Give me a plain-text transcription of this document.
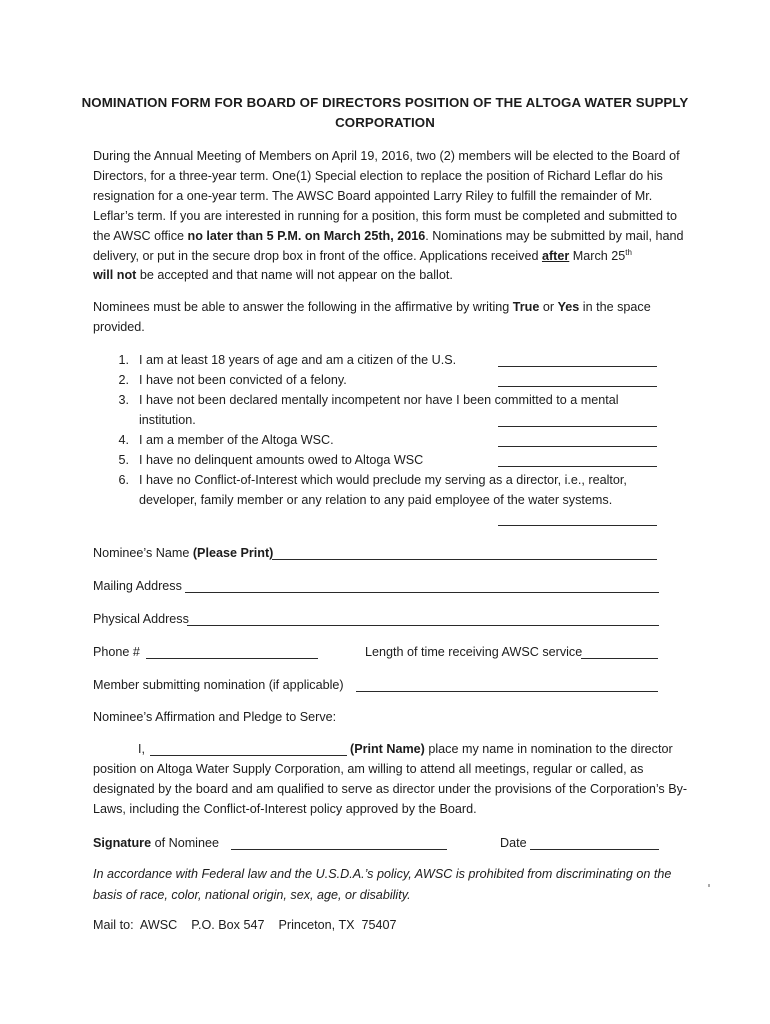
NOMINATION FORM FOR BOARD OF DIRECTORS POSITION OF THE ALTOGA WATER SUPPLY
CORPORATION

During the Annual Meeting of Members on April 19, 2016, two (2) members will be elected to the Board of Directors, for a three-year term. One(1) Special election to replace the position of Richard Leflar do his resignation for a one-year term. The AWSC Board appointed Larry Riley to fulfill the remainder of Mr. Leflar’s term. If you are interested in running for a position, this form must be completed and submitted to the AWSC office no later than 5 P.M. on March 25th, 2016. Nominations may be submitted by mail, hand delivery, or put in the secure drop box in front of the office. Applications received after March 25th
will not be accepted and that name will not appear on the ballot.

Nominees must be able to answer the following in the affirmative by writing True or Yes in the space provided.

1. I am at least 18 years of age and am a citizen of the U.S.
2. I have not been convicted of a felony.
3. I have not been declared mentally incompetent nor have I been committed to a mental institution.
4. I am a member of the Altoga WSC.
5. I have no delinquent amounts owed to Altoga WSC
6. I have no Conflict-of-Interest which would preclude my serving as a director, i.e., realtor, developer, family member or any relation to any paid employee of the water systems.
Nominee’s Name (Please Print)
Mailing Address
Physical Address
Phone #	Length of time receiving AWSC service
Member submitting nomination (if applicable)
Nominee’s Affirmation and Pledge to Serve:
I,	(Print Name) place my name in nomination to the director

position on Altoga Water Supply Corporation, am willing to attend all meetings, regular or called, as designated by the board and am qualified to serve as director under the provisions of the Corporation’s By-Laws, including the Conflict-of-Interest policy approved by the Board.

Signature of Nominee	Date
In accordance with Federal law and the U.S.D.A.’s policy, AWSC is prohibited from discriminating on the basis of race, color, national origin, sex, age, or disability.
Mail to:  AWSC    P.O. Box 547    Princeton, TX  75407
